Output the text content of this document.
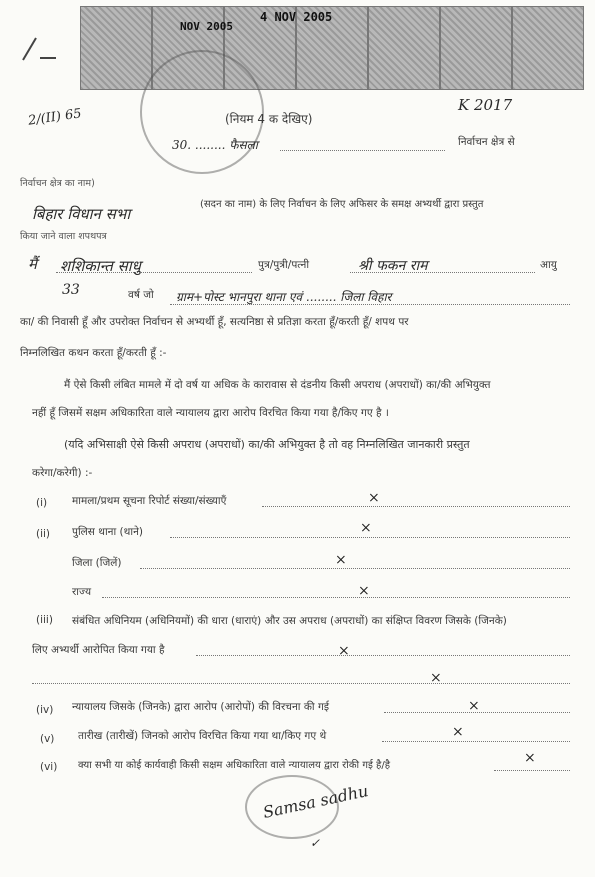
4 NOV 2005
NOV 2005
2/(II) 65
K 2017
(नियम 4 क देखिए)
30. ........ फैसला	निर्वाचन क्षेत्र से
निर्वाचन क्षेत्र का नाम)
बिहार विधान सभा
(सदन का नाम) के लिए निर्वाचन के लिए अफिसर के समक्ष अभ्यर्थी द्वारा प्रस्तुत
किया जाने वाला शपथपत्र
मैं शशिकान्त साधु	पुत्र/पुत्री/पत्नी	श्री फकन राम	आयु
33	वर्ष जो ग्राम+पोस्ट भानपुरा थाना एवं ........ जिला विहार
का/ की निवासी हूँ और उपरोक्त निर्वाचन से अभ्यर्थी हूँ, सत्यनिष्ठा से प्रतिज्ञा करता हूँ/करती हूँ/ शपथ पर
निम्नलिखित कथन करता हूँ/करती हूँ :-
मैं ऐसे किसी लंबित मामले में दो वर्ष या अधिक के कारावास से दंडनीय किसी अपराध (अपराधों) का/की अभियुक्त
नहीं हूँ जिसमें सक्षम अधिकारिता वाले न्यायालय द्वारा आरोप विरचित किया गया है/किए गए है ।
(यदि अभिसाक्षी ऐसे किसी अपराध (अपराधों) का/की अभियुक्त है तो वह निम्नलिखित जानकारी प्रस्तुत
करेगा/करेगी) :-
(i) मामला/प्रथम सूचना रिपोर्ट संख्या/संख्याएँ	×
(ii) पुलिस थाना (थाने)	×
जिला (जिलें)	×
राज्य	×
(iii) संबंधित अधिनियम (अधिनियमों) की धारा (धाराएं) और उस अपराध (अपराधों) का संक्षिप्त विवरण जिसके (जिनके)
लिए अभ्यर्थी आरोपित किया गया है	×
×
(iv) न्यायालय जिसके (जिनके) द्वारा आरोप (आरोपों) की विरचना की गई	×
(v) तारीख (तारीखें) जिनको आरोप विरचित किया गया था/किए गए थे	×
(vi) क्या सभी या कोई कार्यवाही किसी सक्षम अधिकारिता वाले न्यायालय द्वारा रोकी गई है/है	×
Samsa sadhu
✓
